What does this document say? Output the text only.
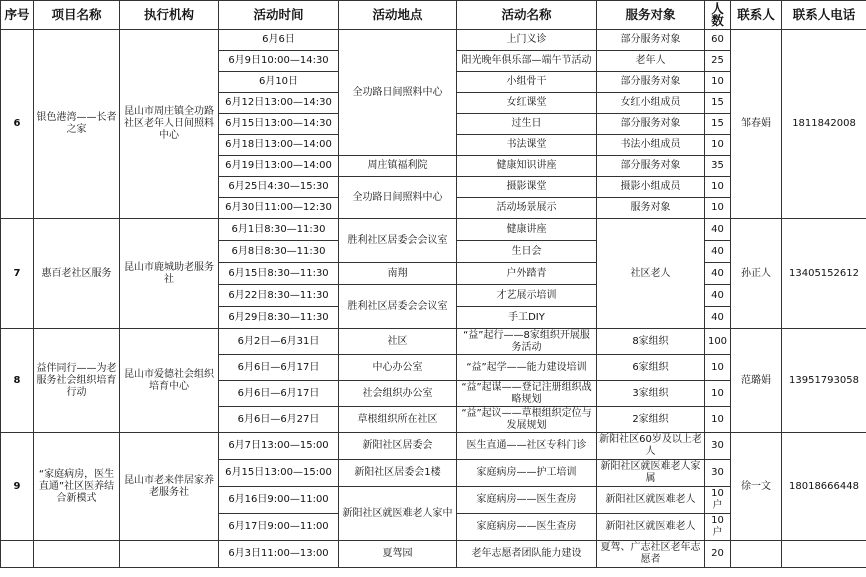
序号	项目名称	执行机构	活动时间	活动地点	活动名称	服务对象	人数	联系人	联系人电话
6	银色港湾——长者之家	昆山市周庄镇全功路社区老年人日间照料中心	6月6日	全功路日间照料中心	上门义诊	部分服务对象	60	邹春娟	1811842008
			6月9日10:00—14:30		阳光晚年俱乐部—端午节活动	老年人	25		
			6月10日		小组骨干	部分服务对象	10		
			6月12日13:00—14:30		女红课堂	女红小组成员	15		
			6月15日13:00—14:30		过生日	部分服务对象	15		
			6月18日13:00—14:00		书法课堂	书法小组成员	10		
			6月19日13:00—14:00	周庄镇福利院	健康知识讲座	部分服务对象	35		
			6月25日4:30—15:30	全功路日间照料中心	摄影课堂	摄影小组成员	10		
			6月30日11:00—12:30		活动场景展示	服务对象	10		
7	惠百老社区服务	昆山市鹿城助老服务社	6月1日8:30—11:30	胜利社区居委会会议室	健康讲座	社区老人	40	孙正人	13405152612
			6月8日8:30—11:30		生日会		40		
			6月15日8:30—11:30	南翔	户外踏青		40		
			6月22日8:30—11:30	胜利社区居委会会议室	才艺展示培训		40		
			6月29日8:30—11:30		手工DIY		40		
8	益伴同行——为老服务社会组织培育行动	昆山市爱德社会组织培育中心	6月2日—6月31日	社区	“益”起行——8家组织开展服务活动	8家组织	100	范璐娟	13951793058
			6月6日—6月17日	中心办公室	“益”起学——能力建设培训	6家组织	10		
			6月6日—6月17日	社会组织办公室	“益”起谋——登记注册组织战略规划	3家组织	10		
			6月6日—6月27日	草根组织所在社区	“益”起议——草根组织定位与发展规划	2家组织	10		
9	“家庭病房，医生直通”社区医养结合新模式	昆山市老来伴居家养老服务社	6月7日13:00—15:00	新阳社区居委会	医生直通——社区专科门诊	新阳社区60岁及以上老人	30	徐一文	18018666448
			6月15日13:00—15:00	新阳社区居委会1楼	家庭病房——护工培训	新阳社区就医难老人家属	30		
			6月16日9:00—11:00	新阳社区就医难老人家中	家庭病房——医生查房	新阳社区就医难老人	10户		
			6月17日9:00—11:00		家庭病房——医生查房	新阳社区就医难老人	10户		
			6月3日11:00—13:00	夏驾园	老年志愿者团队能力建设	夏驾、广志社区老年志愿者	20		
